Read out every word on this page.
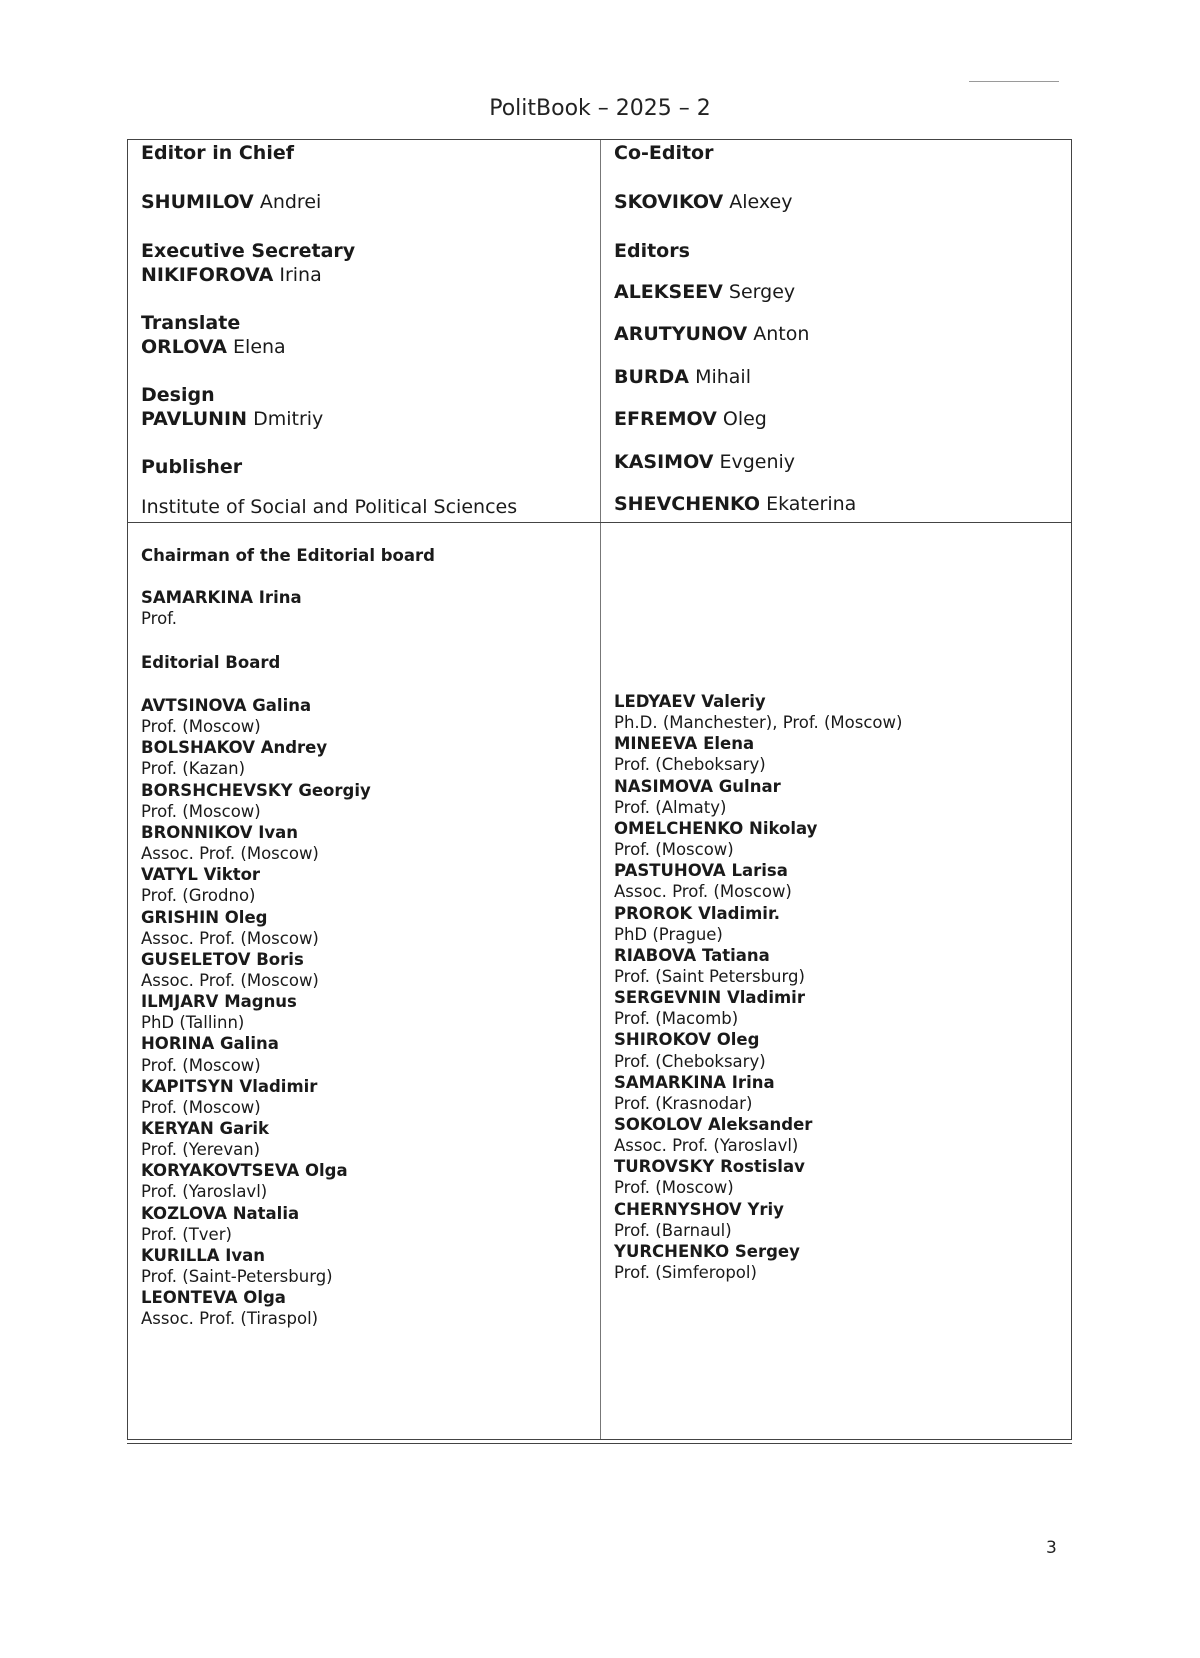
PolitBook – 2025 – 2
Editor in Chief
SHUMILOV Andrei
Executive Secretary
NIKIFOROVA Irina
Translate
ORLOVA Elena
Design
PAVLUNIN Dmitriy
Publisher
Institute of Social and Political Sciences
Co-Editor
SKOVIKOV Alexey
Editors
ALEKSEEV Sergey
ARUTYUNOV Anton
BURDA Mihail
EFREMOV Oleg
KASIMOV Evgeniy
SHEVCHENKO Ekaterina
Chairman of the Editorial board
SAMARKINA Irina
Prof.
Editorial Board
AVTSINOVA Galina
Prof. (Moscow)
BOLSHAKOV Andrey
Prof. (Kazan)
BORSHCHEVSKY Georgiy
Prof. (Moscow)
BRONNIKOV Ivan
Assoc. Prof. (Moscow)
VATYL Viktor
Prof. (Grodno)
GRISHIN Oleg
Assoc. Prof. (Moscow)
GUSELETOV Boris
Assoc. Prof. (Moscow)
ILMJARV Magnus
PhD (Tallinn)
HORINA Galina
Prof. (Moscow)
KAPITSYN Vladimir
Prof. (Moscow)
KERYAN Garik
Prof. (Yerevan)
KORYAKOVTSEVA Olga
Prof. (Yaroslavl)
KOZLOVA Natalia
Prof. (Tver)
KURILLA Ivan
Prof. (Saint-Petersburg)
LEONTEVA Olga
Assoc. Prof. (Tiraspol)
LEDYAEV Valeriy
Ph.D. (Manchester), Prof. (Moscow)
MINEEVA Elena
Prof. (Cheboksary)
NASIMOVA Gulnar
Prof. (Almaty)
OMELCHENKO Nikolay
Prof. (Moscow)
PASTUHOVA Larisa
Assoc. Prof. (Moscow)
PROROK Vladimir.
PhD (Prague)
RIABOVA Tatiana
Prof. (Saint Petersburg)
SERGEVNIN Vladimir
Prof. (Macomb)
SHIROKOV Oleg
Prof. (Cheboksary)
SAMARKINA Irina
Prof. (Krasnodar)
SOKOLOV Aleksander
Assoc. Prof. (Yaroslavl)
TUROVSKY Rostislav
Prof. (Moscow)
CHERNYSHOV Yriy
Prof. (Barnaul)
YURCHENKO Sergey
Prof. (Simferopol)
3
